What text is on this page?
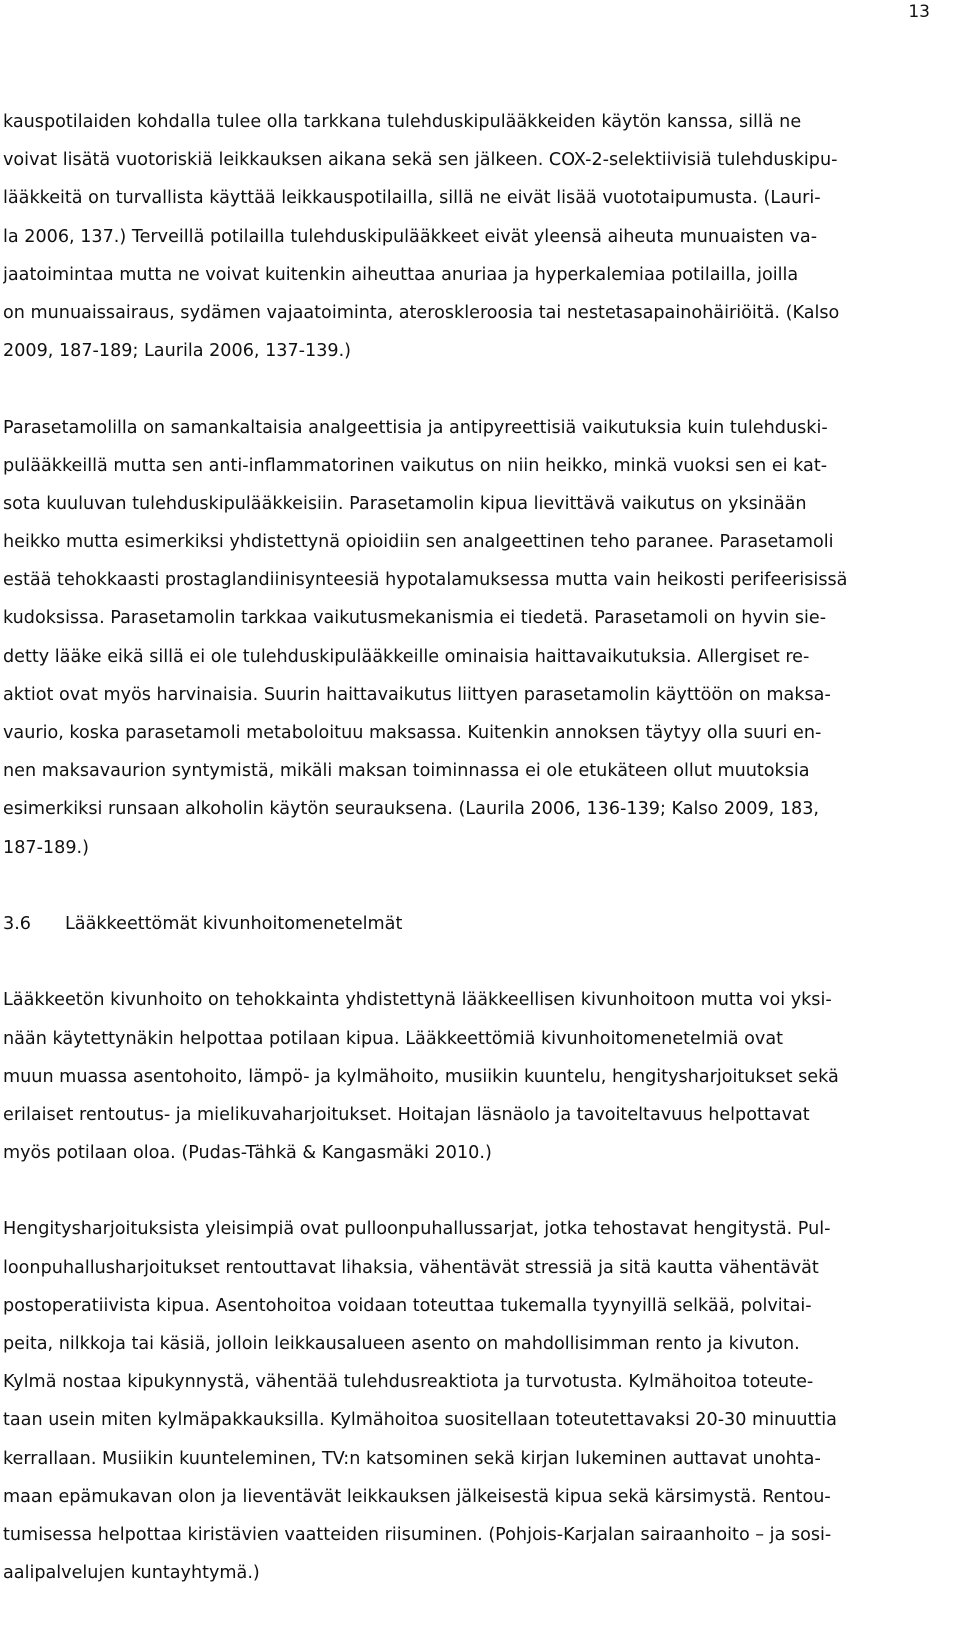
13
kauspotilaiden kohdalla tulee olla tarkkana tulehduskipulääkkeiden käytön kanssa, sillä ne
voivat lisätä vuotoriskiä leikkauksen aikana sekä sen jälkeen. COX-2-selektiivisiä tulehduskipu-
lääkkeitä on turvallista käyttää leikkauspotilailla, sillä ne eivät lisää vuototaipumusta. (Lauri-
la 2006, 137.) Terveillä potilailla tulehduskipulääkkeet eivät yleensä aiheuta munuaisten va-
jaatoimintaa mutta ne voivat kuitenkin aiheuttaa anuriaa ja hyperkalemiaa potilailla, joilla
on munuaissairaus, sydämen vajaatoiminta, ateroskleroosia tai nestetasapainohäiriöitä. (Kalso
2009, 187-189; Laurila 2006, 137-139.)
Parasetamolilla on samankaltaisia analgeettisia ja antipyreettisiä vaikutuksia kuin tulehduski-
pulääkkeillä mutta sen anti-inflammatorinen vaikutus on niin heikko, minkä vuoksi sen ei kat-
sota kuuluvan tulehduskipulääkkeisiin. Parasetamolin kipua lievittävä vaikutus on yksinään
heikko mutta esimerkiksi yhdistettynä opioidiin sen analgeettinen teho paranee. Parasetamoli
estää tehokkaasti prostaglandiinisynteesiä hypotalamuksessa mutta vain heikosti perifeerisissä
kudoksissa. Parasetamolin tarkkaa vaikutusmekanismia ei tiedetä. Parasetamoli on hyvin sie-
detty lääke eikä sillä ei ole tulehduskipulääkkeille ominaisia haittavaikutuksia. Allergiset re-
aktiot ovat myös harvinaisia. Suurin haittavaikutus liittyen parasetamolin käyttöön on maksa-
vaurio, koska parasetamoli metaboloituu maksassa. Kuitenkin annoksen täytyy olla suuri en-
nen maksavaurion syntymistä, mikäli maksan toiminnassa ei ole etukäteen ollut muutoksia
esimerkiksi runsaan alkoholin käytön seurauksena. (Laurila 2006, 136-139; Kalso 2009, 183,
187-189.)
3.6	Lääkkeettömät kivunhoitomenetelmät
Lääkkeetön kivunhoito on tehokkainta yhdistettynä lääkkeellisen kivunhoitoon mutta voi yksi-
nään käytettynäkin helpottaa potilaan kipua. Lääkkeettömiä kivunhoitomenetelmiä ovat
muun muassa asentohoito, lämpö- ja kylmähoito, musiikin kuuntelu, hengitysharjoitukset sekä
erilaiset rentoutus- ja mielikuvaharjoitukset. Hoitajan läsnäolo ja tavoiteltavuus helpottavat
myös potilaan oloa. (Pudas-Tähkä & Kangasmäki 2010.)
Hengitysharjoituksista yleisimpiä ovat pulloonpuhallussarjat, jotka tehostavat hengitystä. Pul-
loonpuhallusharjoitukset rentouttavat lihaksia, vähentävät stressiä ja sitä kautta vähentävät
postoperatiivista kipua. Asentohoitoa voidaan toteuttaa tukemalla tyynyillä selkää, polvitai-
peita, nilkkoja tai käsiä, jolloin leikkausalueen asento on mahdollisimman rento ja kivuton.
Kylmä nostaa kipukynnystä, vähentää tulehdusreaktiota ja turvotusta. Kylmähoitoa toteute-
taan usein miten kylmäpakkauksilla. Kylmähoitoa suositellaan toteutettavaksi 20-30 minuuttia
kerrallaan. Musiikin kuunteleminen, TV:n katsominen sekä kirjan lukeminen auttavat unohta-
maan epämukavan olon ja lieventävät leikkauksen jälkeisestä kipua sekä kärsimystä. Rentou-
tumisessa helpottaa kiristävien vaatteiden riisuminen. (Pohjois-Karjalan sairaanhoito – ja sosi-
aalipalvelujen kuntayhtymä.)
